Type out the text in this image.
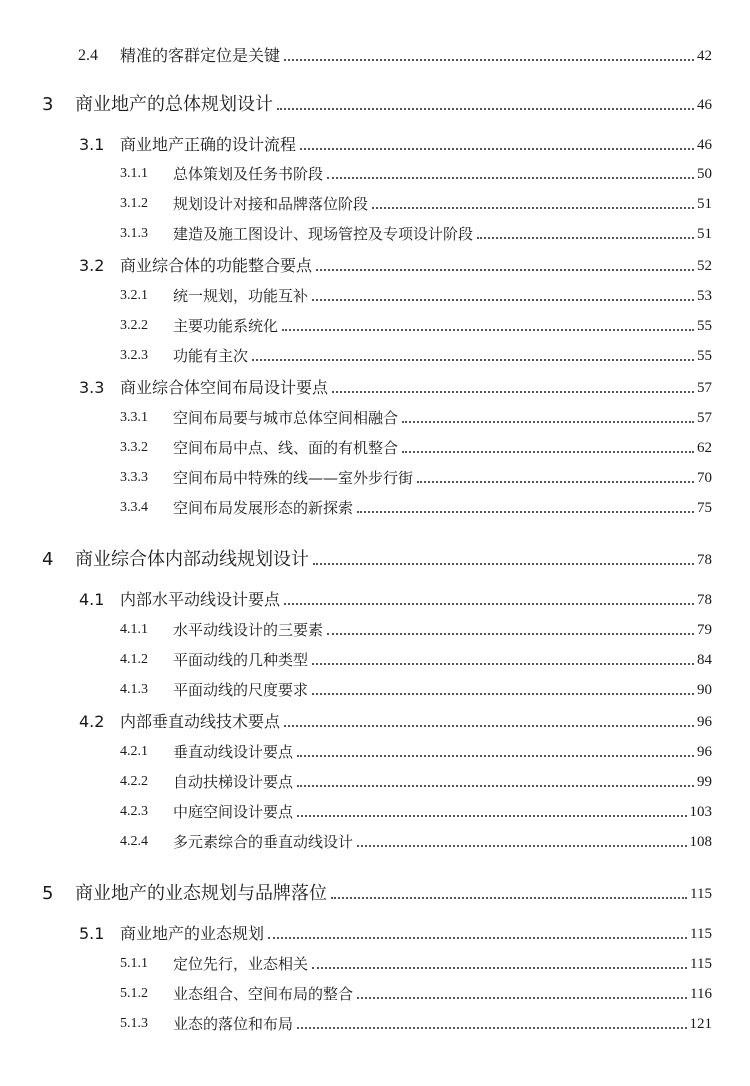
2.4 精准的客群定位是关键	42
3 商业地产的总体规划设计	46
3.1 商业地产正确的设计流程	46
3.1.1 总体策划及任务书阶段	50
3.1.2 规划设计对接和品牌落位阶段	51
3.1.3 建造及施工图设计、现场管控及专项设计阶段	51
3.2 商业综合体的功能整合要点	52
3.2.1 统一规划，功能互补	53
3.2.2 主要功能系统化	55
3.2.3 功能有主次	55
3.3 商业综合体空间布局设计要点	57
3.3.1 空间布局要与城市总体空间相融合	57
3.3.2 空间布局中点、线、面的有机整合	62
3.3.3 空间布局中特殊的线——室外步行街	70
3.3.4 空间布局发展形态的新探索	75
4 商业综合体内部动线规划设计	78
4.1 内部水平动线设计要点	78
4.1.1 水平动线设计的三要素	79
4.1.2 平面动线的几种类型	84
4.1.3 平面动线的尺度要求	90
4.2 内部垂直动线技术要点	96
4.2.1 垂直动线设计要点	96
4.2.2 自动扶梯设计要点	99
4.2.3 中庭空间设计要点	103
4.2.4 多元素综合的垂直动线设计	108
5 商业地产的业态规划与品牌落位	115
5.1 商业地产的业态规划	115
5.1.1 定位先行，业态相关	115
5.1.2 业态组合、空间布局的整合	116
5.1.3 业态的落位和布局	121
